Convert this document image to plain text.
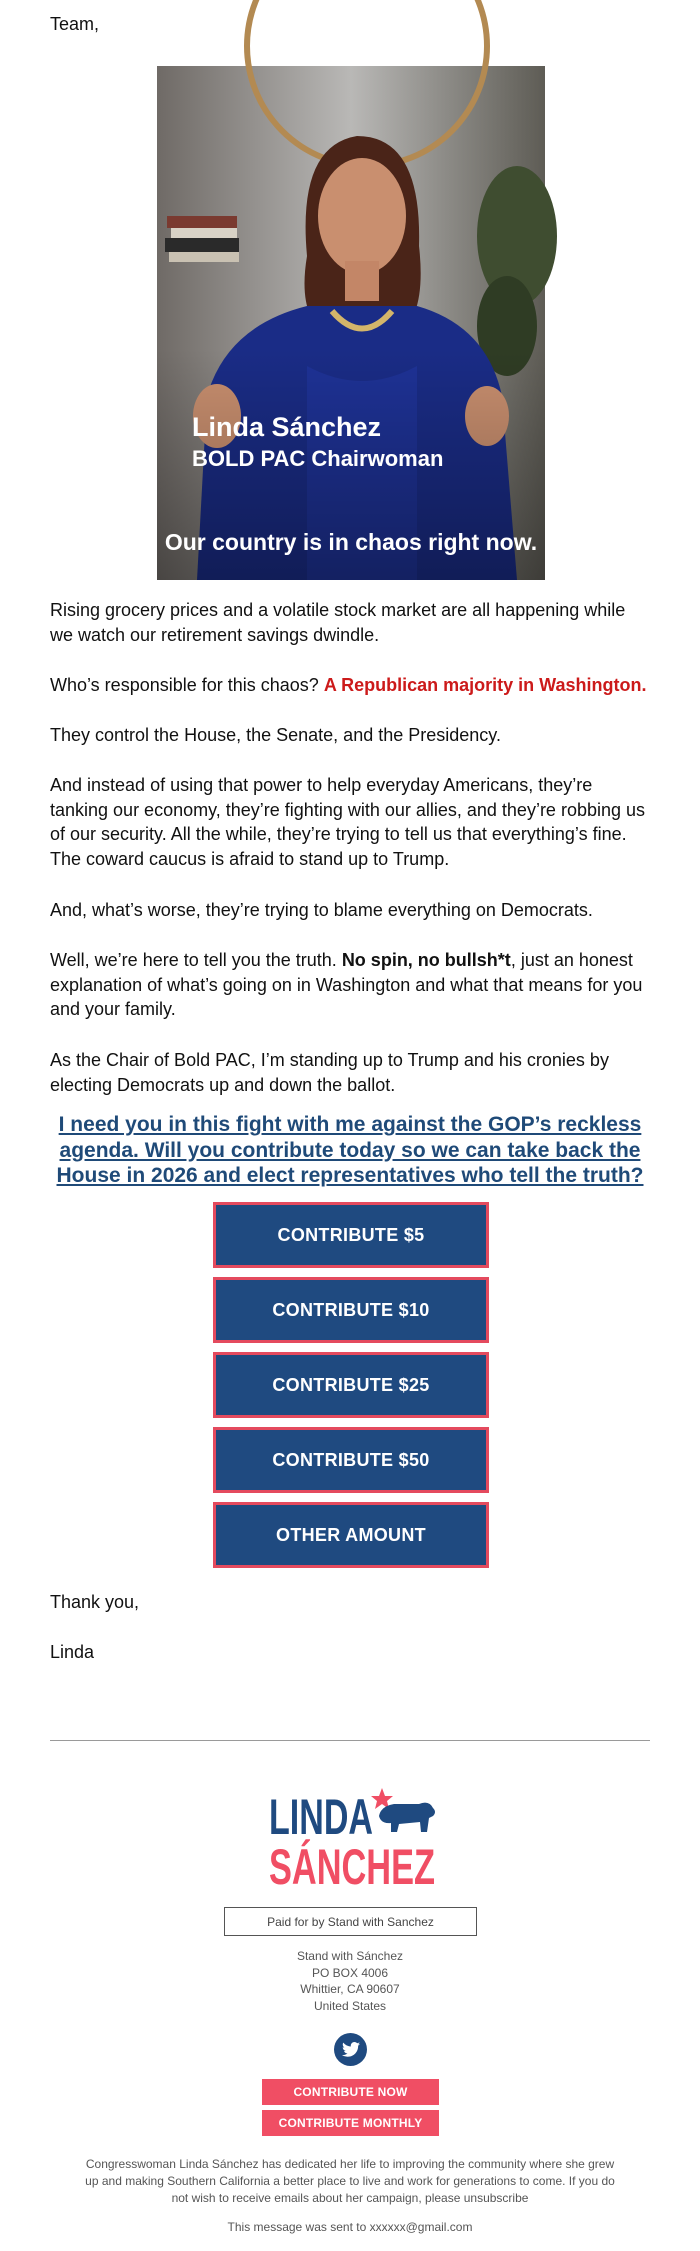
Team,
Linda Sánchez
BOLD PAC Chairwoman
Our country is in chaos right now.
Rising grocery prices and a volatile stock market are all happening while we watch our retirement savings dwindle.
Who’s responsible for this chaos? A Republican majority in Washington.
They control the House, the Senate, and the Presidency.
And instead of using that power to help everyday Americans, they’re tanking our economy, they’re fighting with our allies, and they’re robbing us of our security. All the while, they’re trying to tell us that everything’s fine. The coward caucus is afraid to stand up to Trump.
And, what’s worse, they’re trying to blame everything on Democrats.
Well, we’re here to tell you the truth. No spin, no bullsh*t, just an honest explanation of what’s going on in Washington and what that means for you and your family.
As the Chair of Bold PAC, I’m standing up to Trump and his cronies by electing Democrats up and down the ballot.
I need you in this fight with me against the GOP’s reckless agenda. Will you contribute today so we can take back the House in 2026 and elect representatives who tell the truth?
CONTRIBUTE $5
CONTRIBUTE $10
CONTRIBUTE $25
CONTRIBUTE $50
OTHER AMOUNT
Thank you,
Linda
LINDA
SÁNCHEZ
Paid for by Stand with Sanchez
Stand with Sánchez
PO BOX 4006
Whittier, CA 90607
United States
CONTRIBUTE NOW
CONTRIBUTE MONTHLY
Congresswoman Linda Sánchez has dedicated her life to improving the community where she grew up and making Southern California a better place to live and work for generations to come. If you do not wish to receive emails about her campaign, please unsubscribe
This message was sent to xxxxxx@gmail.com
